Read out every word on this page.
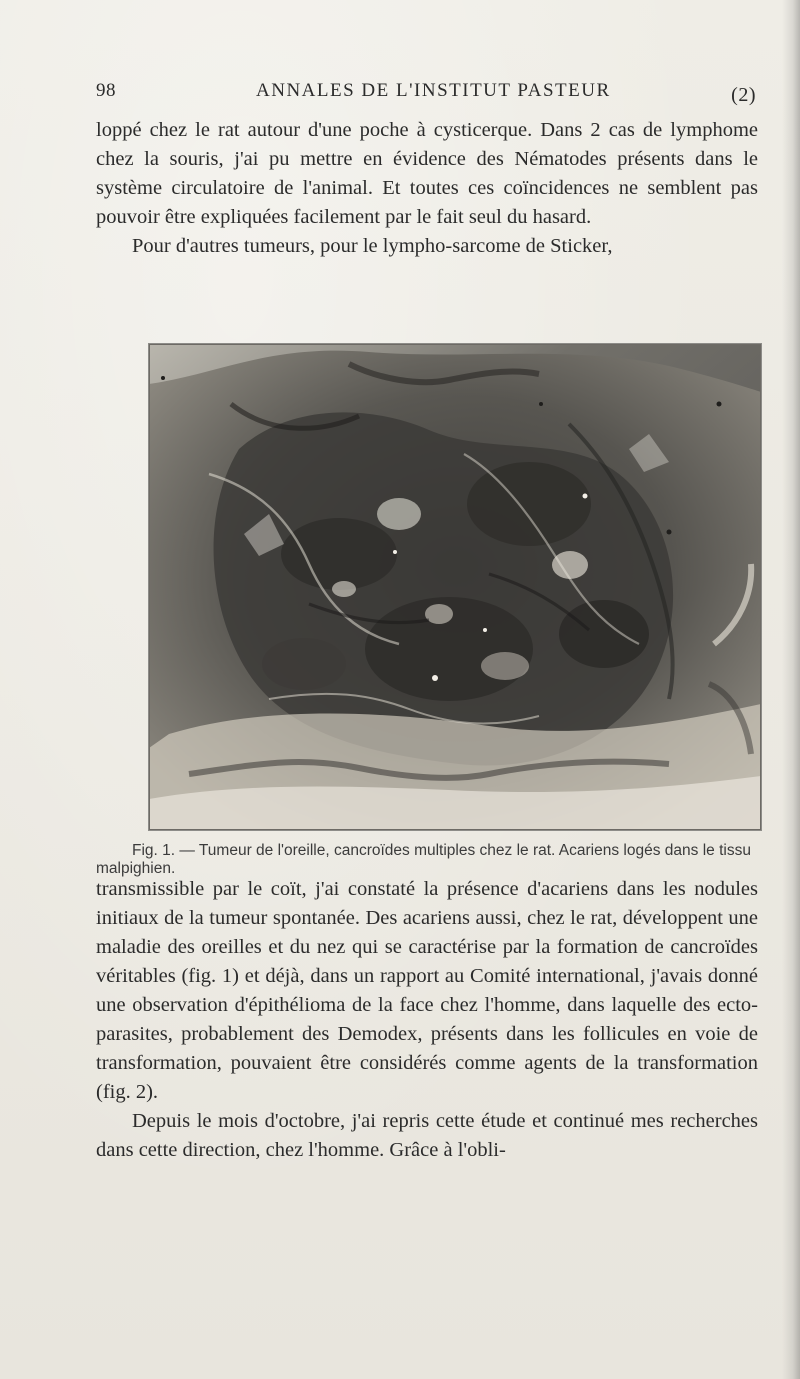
98	ANNALES DE L'INSTITUT PASTEUR	(2)

loppé chez le rat autour d'une poche à cysticerque. Dans 2 cas de lymphome chez la souris, j'ai pu mettre en évidence des Nématodes présents dans le système circulatoire de l'animal. Et toutes ces coïncidences ne semblent pas pouvoir être expliquées facilement par le fait seul du hasard.

Pour d'autres tumeurs, pour le lympho-sarcome de Sticker,

Fig. 1. — Tumeur de l'oreille, cancroïdes multiples chez le rat. Acariens logés dans le tissu malpighien.

transmissible par le coït, j'ai constaté la présence d'acariens dans les nodules initiaux de la tumeur spontanée. Des acariens aussi, chez le rat, développent une maladie des oreilles et du nez qui se caractérise par la formation de cancroïdes véritables (fig. 1) et déjà, dans un rapport au Comité international, j'avais donné une observation d'épithélioma de la face chez l'homme, dans laquelle des ecto-parasites, probablement des Demodex, présents dans les follicules en voie de transformation, pouvaient être considérés comme agents de la transformation (fig. 2).

Depuis le mois d'octobre, j'ai repris cette étude et continué mes recherches dans cette direction, chez l'homme. Grâce à l'obli-
